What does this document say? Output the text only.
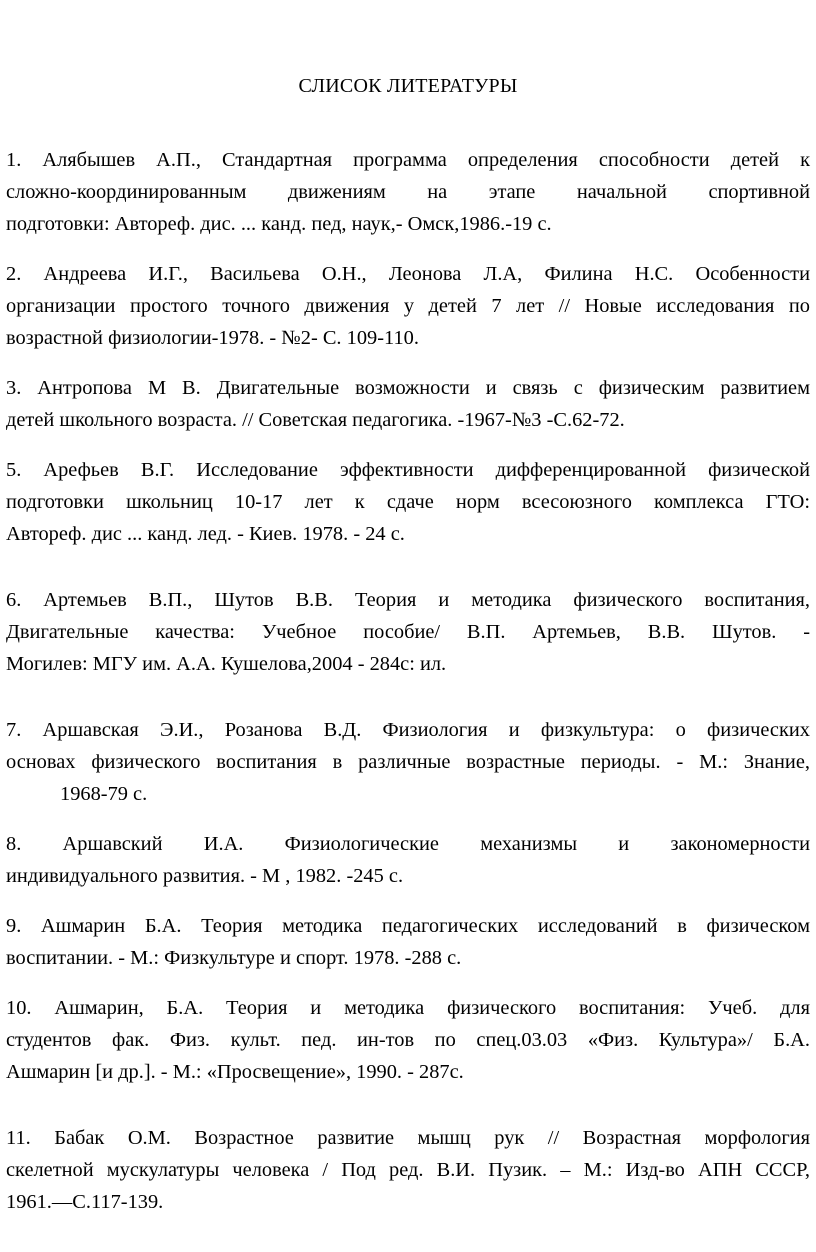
СЛИСОК ЛИТЕРАТУРЫ

1. Алябышев А.П., Стандартная программа определения способности детей к
сложно-координированным движениям на этапе начальной спортивной
подготовки: Автореф. дис. ... канд. пед, наук,- Омск,1986.-19 с.

2. Андреева И.Г., Васильева О.Н., Леонова Л.А, Филина Н.С. Особенности
организации простого точного движения у детей 7 лет // Новые исследования по
возрастной физиологии-1978. - №2- С. 109-110.

3. Антропова М В. Двигательные возможности и связь с физическим развитием
детей школьного возраста. // Советская педагогика. -1967-№3 -С.62-72.

5. Арефьев В.Г. Исследование эффективности дифференцированной физической
подготовки школьниц 10-17 лет к сдаче норм всесоюзного комплекса ГТО:
Автореф. дис ... канд. лед. - Киев. 1978. - 24 с.

6. Артемьев В.П., Шутов В.В. Теория и методика физического воспитания,
Двигательные качества: Учебное пособие/ В.П. Артемьев, В.В. Шутов. -
Могилев: МГУ им. А.А. Кушелова,2004 - 284с: ил.

7. Аршавская Э.И., Розанова В.Д. Физиология и физкультура: о физических
основах физического воспитания в различные возрастные периоды. - М.: Знание,
1968-79 с.

8. Аршавский И.А. Физиологические механизмы и закономерности
индивидуального развития. - М , 1982. -245 с.

9. Ашмарин Б.А. Теория методика педагогических исследований в физическом
воспитании. - М.: Физкультуре и спорт. 1978. -288 с.

10. Ашмарин, Б.А. Теория и методика физического воспитания: Учеб. для
студентов фак. Физ. культ. пед. ин-тов по спец.03.03 «Физ. Культура»/ Б.А.
Ашмарин [и др.]. - М.: «Просвещение», 1990. - 287с.

11. Бабак О.М. Возрастное развитие мышц рук // Возрастная морфология
скелетной мускулатуры человека / Под ред. В.И. Пузик. – М.: Изд-во АПН СССР,
1961.—С.117-139.
